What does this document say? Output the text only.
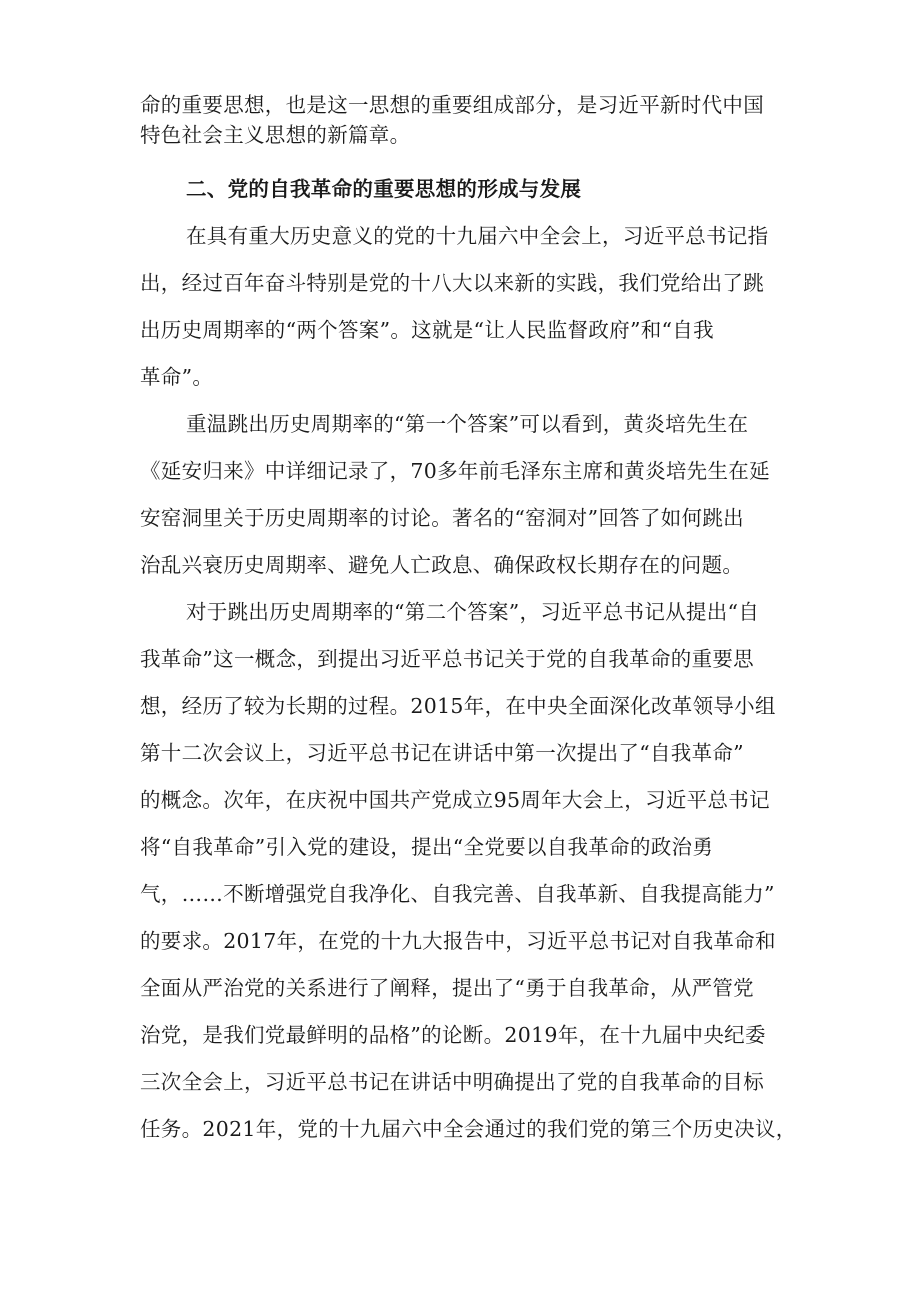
命的重要思想，也是这一思想的重要组成部分，是习近平新时代中国
特色社会主义思想的新篇章。

二、党的自我革命的重要思想的形成与发展

在具有重大历史意义的党的十九届六中全会上，习近平总书记指
出，经过百年奋斗特别是党的十八大以来新的实践，我们党给出了跳
出历史周期率的“两个答案”。这就是“让人民监督政府”和“自我
革命”。
重温跳出历史周期率的“第一个答案”可以看到，黄炎培先生在
《延安归来》中详细记录了，70多年前毛泽东主席和黄炎培先生在延
安窑洞里关于历史周期率的讨论。著名的“窑洞对”回答了如何跳出
治乱兴衰历史周期率、避免人亡政息、确保政权长期存在的问题。
对于跳出历史周期率的“第二个答案”，习近平总书记从提出“自
我革命”这一概念，到提出习近平总书记关于党的自我革命的重要思
想，经历了较为长期的过程。2015年，在中央全面深化改革领导小组
第十二次会议上，习近平总书记在讲话中第一次提出了“自我革命”
的概念。次年，在庆祝中国共产党成立95周年大会上，习近平总书记
将“自我革命”引入党的建设，提出“全党要以自我革命的政治勇
气，……不断增强党自我净化、自我完善、自我革新、自我提高能力”
的要求。2017年，在党的十九大报告中，习近平总书记对自我革命和
全面从严治党的关系进行了阐释，提出了“勇于自我革命，从严管党
治党，是我们党最鲜明的品格”的论断。2019年，在十九届中央纪委
三次全会上，习近平总书记在讲话中明确提出了党的自我革命的目标
任务。2021年，党的十九届六中全会通过的我们党的第三个历史决议，
